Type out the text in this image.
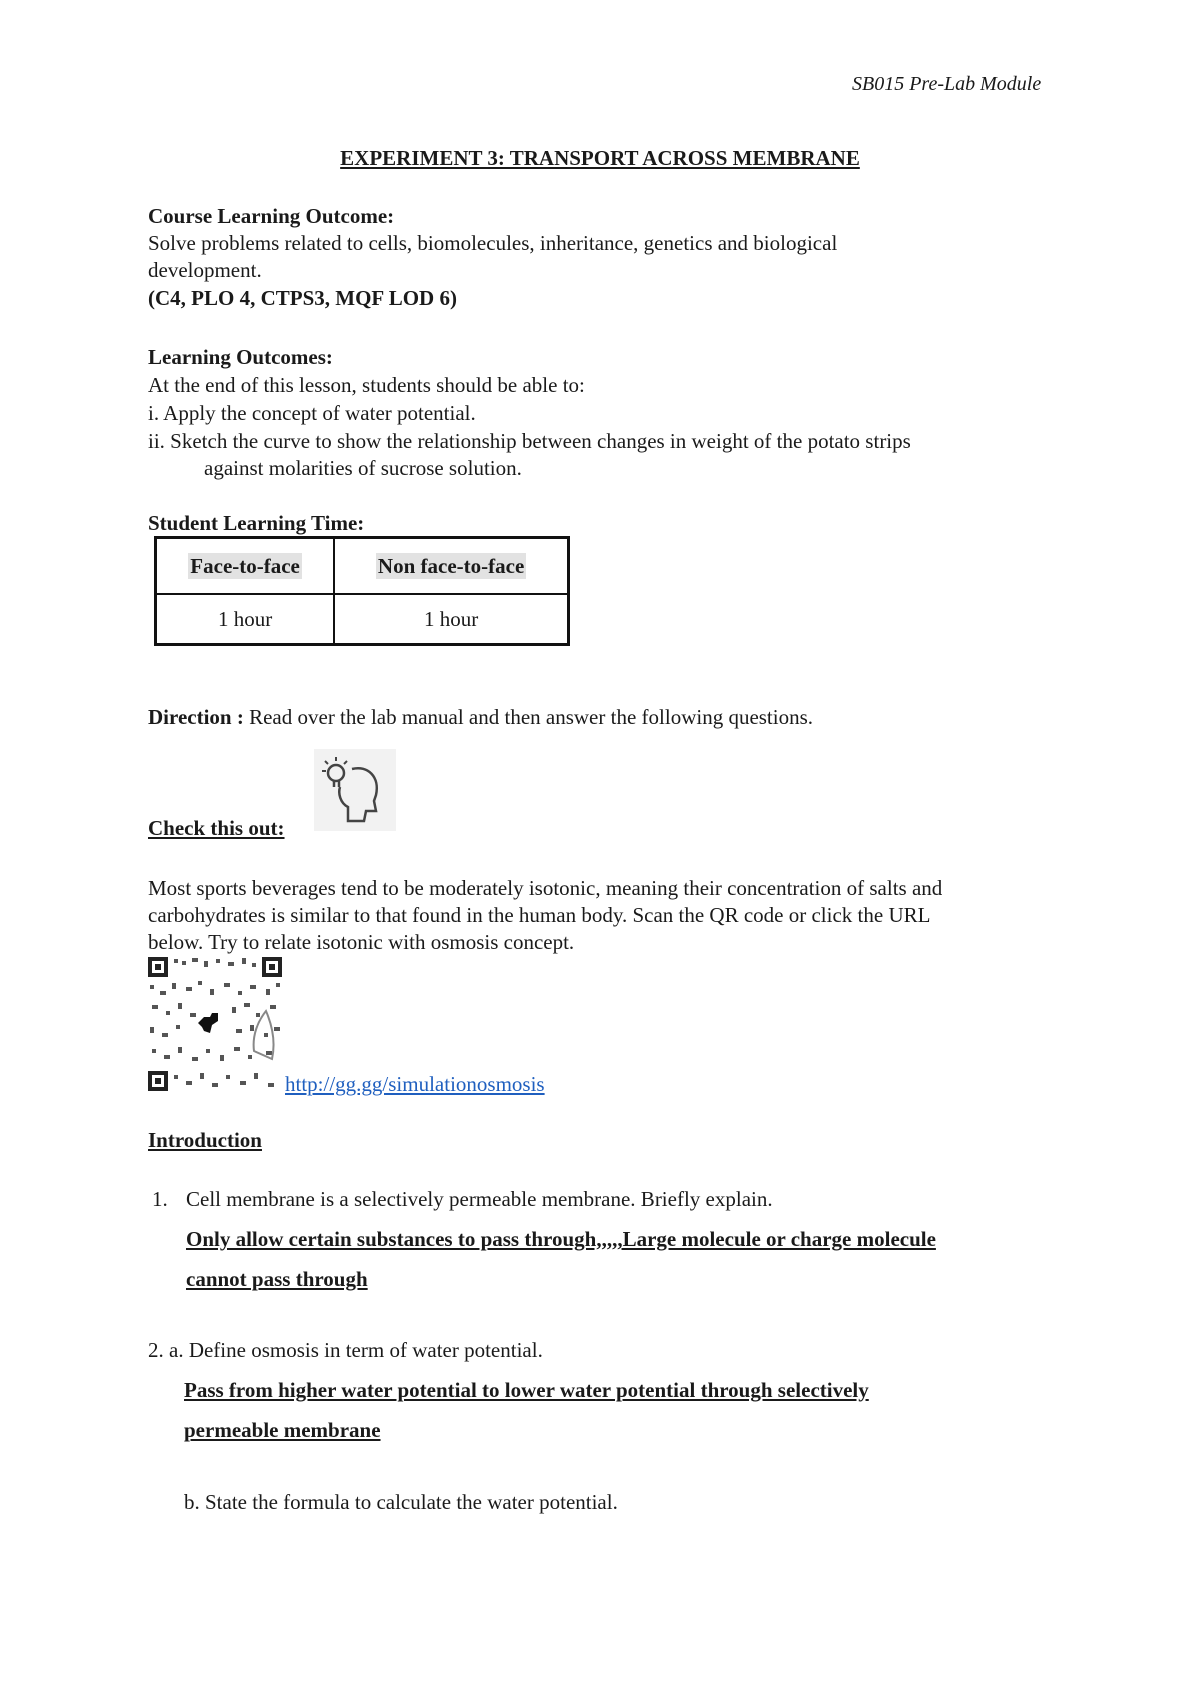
SB015 Pre-Lab Module
EXPERIMENT 3: TRANSPORT ACROSS MEMBRANE
Course Learning Outcome:
Solve problems related to cells, biomolecules, inheritance, genetics and biological
development.
(C4, PLO 4, CTPS3, MQF LOD 6)
Learning Outcomes:
At the end of this lesson, students should be able to:
i. Apply the concept of water potential.
ii. Sketch the curve to show the relationship between changes in weight of the potato strips
against molarities of sucrose solution.
Student Learning Time:
Face-to-face	Non face-to-face
1 hour	1 hour
Direction : Read over the lab manual and then answer the following questions.
Check this out:
Most sports beverages tend to be moderately isotonic, meaning their concentration of salts and
carbohydrates is similar to that found in the human body. Scan the QR code or click the URL
below. Try to relate isotonic with osmosis concept.
http://gg.gg/simulationosmosis
Introduction
1. Cell membrane is a selectively permeable membrane. Briefly explain.
Only allow certain substances to pass through,,,,,Large molecule or charge molecule
cannot pass through
2. a. Define osmosis in term of water potential.
Pass from higher water potential to lower water potential through selectively
permeable membrane
b. State the formula to calculate the water potential.
